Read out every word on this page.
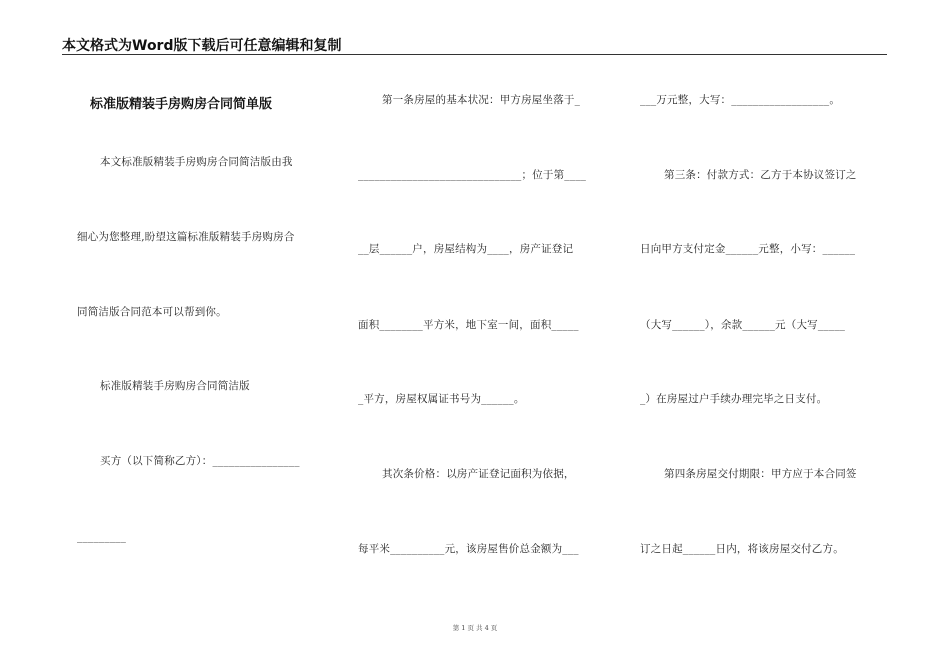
本文格式为Word版下载后可任意编辑和复制
标准版精装手房购房合同简单版
本文标准版精装手房购房合同简洁版由我
细心为您整理,盼望这篇标准版精装手房购房合
同简洁版合同范本可以帮到你。
标准版精装手房购房合同简洁版
买方（以下简称乙方）：________________
_________
第一条房屋的基本状况：甲方房屋坐落于_
______________________________；位于第____
__层______户，房屋结构为____，房产证登记
面积________平方米，地下室一间，面积_____
_平方，房屋权属证书号为______。
其次条价格：以房产证登记面积为依据，
每平米__________元，该房屋售价总金额为___
___万元整，大写：__________________。
第三条：付款方式：乙方于本协议签订之
日向甲方支付定金______元整，小写：______
（大写______），余款______元（大写_____
_）在房屋过户手续办理完毕之日支付。
第四条房屋交付期限：甲方应于本合同签
订之日起______日内，将该房屋交付乙方。
第 1 页 共 4 页
